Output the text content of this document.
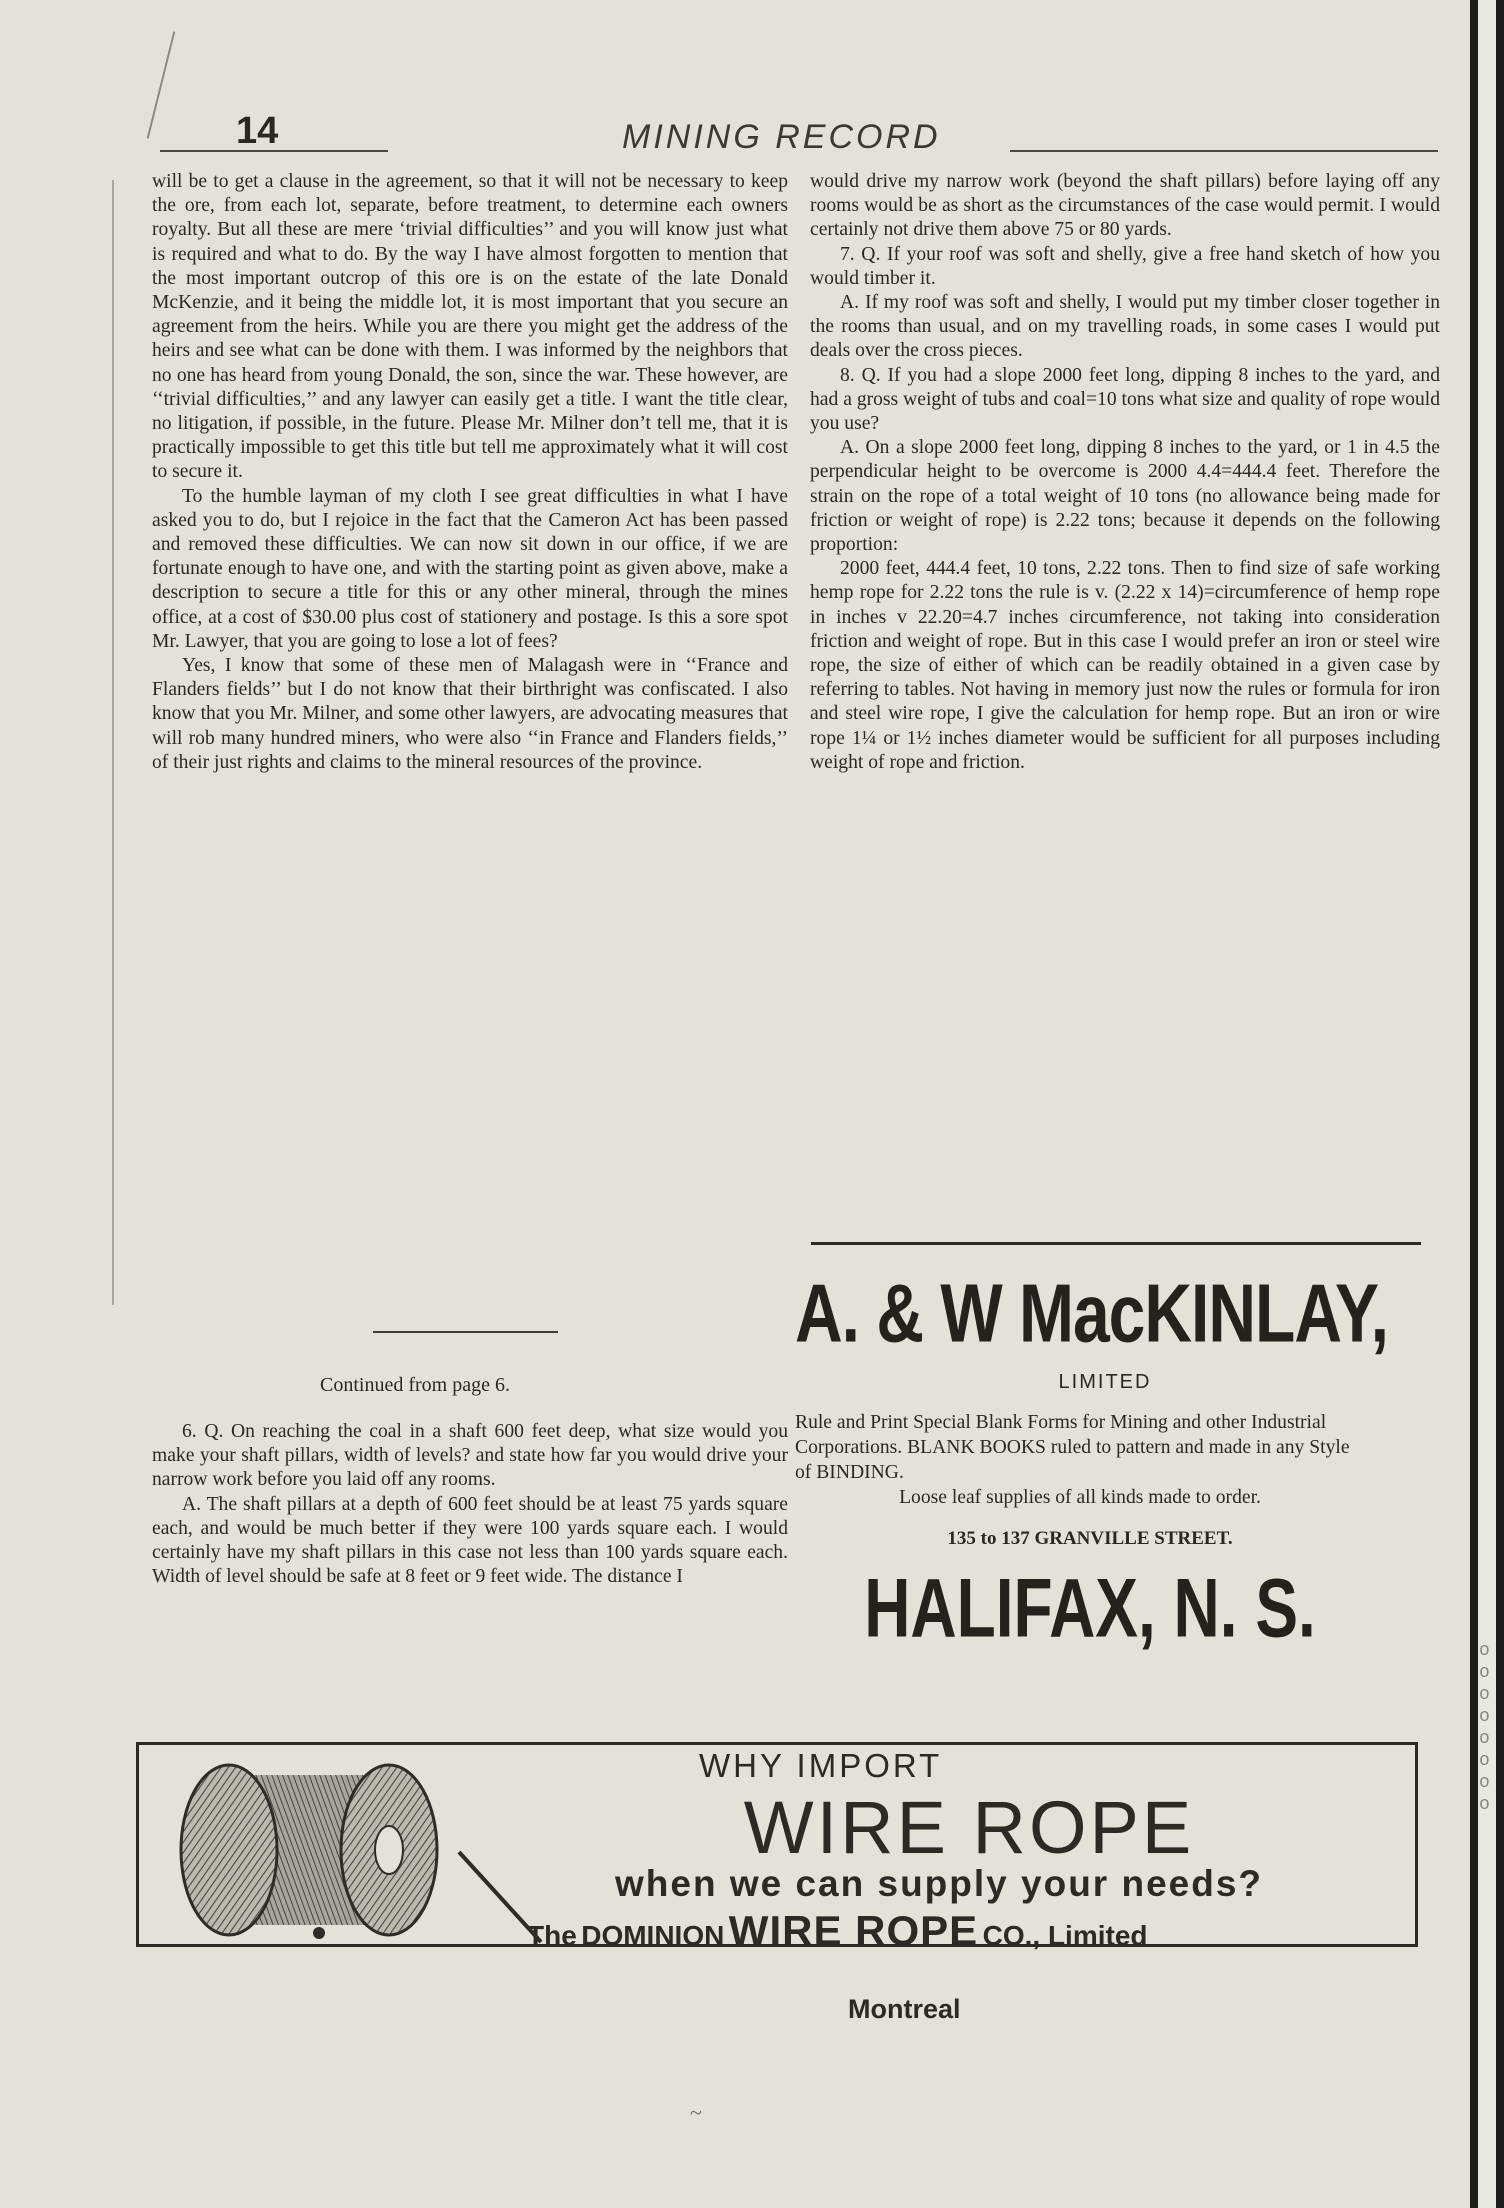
14	MINING RECORD

will be to get a clause in the agreement, so that it will not be necessary to keep the ore, from each lot, separate, before treatment, to determine each owners royalty. But all these are mere ‘trivial difficulties’’ and you will know just what is required and what to do. By the way I have almost forgotten to mention that the most important outcrop of this ore is on the estate of the late Donald McKenzie, and it being the middle lot, it is most important that you secure an agreement from the heirs. While you are there you might get the address of the heirs and see what can be done with them. I was informed by the neighbors that no one has heard from young Donald, the son, since the war. These however, are ‘‘trivial difficulties,’’ and any lawyer can easily get a title. I want the title clear, no litigation, if possible, in the future. Please Mr. Milner don’t tell me, that it is practically impossible to get this title but tell me approximately what it will cost to secure it.

To the humble layman of my cloth I see great difficulties in what I have asked you to do, but I rejoice in the fact that the Cameron Act has been passed and removed these difficulties. We can now sit down in our office, if we are fortunate enough to have one, and with the starting point as given above, make a description to secure a title for this or any other mineral, through the mines office, at a cost of $30.00 plus cost of stationery and postage. Is this a sore spot Mr. Lawyer, that you are going to lose a lot of fees?

Yes, I know that some of these men of Malagash were in ‘‘France and Flanders fields’’ but I do not know that their birthright was confiscated. I also know that you Mr. Milner, and some other lawyers, are advocating measures that will rob many hundred miners, who were also ‘‘in France and Flanders fields,’’ of their just rights and claims to the mineral resources of the province.

Continued from page 6.

6. Q. On reaching the coal in a shaft 600 feet deep, what size would you make your shaft pillars, width of levels? and state how far you would drive your narrow work before you laid off any rooms.

A. The shaft pillars at a depth of 600 feet should be at least 75 yards square each, and would be much better if they were 100 yards square each. I would certainly have my shaft pillars in this case not less than 100 yards square each. Width of level should be safe at 8 feet or 9 feet wide. The distance I

would drive my narrow work (beyond the shaft pillars) before laying off any rooms would be as short as the circumstances of the case would permit. I would certainly not drive them above 75 or 80 yards.

7. Q. If your roof was soft and shelly, give a free hand sketch of how you would timber it.

A. If my roof was soft and shelly, I would put my timber closer together in the rooms than usual, and on my travelling roads, in some cases I would put deals over the cross pieces.

8. Q. If you had a slope 2000 feet long, dipping 8 inches to the yard, and had a gross weight of tubs and coal=10 tons what size and quality of rope would you use?

A. On a slope 2000 feet long, dipping 8 inches to the yard, or 1 in 4.5 the perpendicular height to be overcome is 2000 4.4=444.4 feet. Therefore the strain on the rope of a total weight of 10 tons (no allowance being made for friction or weight of rope) is 2.22 tons; because it depends on the following proportion:

2000 feet, 444.4 feet, 10 tons, 2.22 tons. Then to find size of safe working hemp rope for 2.22 tons the rule is v. (2.22 x 14)=circumference of hemp rope in inches v 22.20=4.7 inches circumference, not taking into consideration friction and weight of rope. But in this case I would prefer an iron or steel wire rope, the size of either of which can be readily obtained in a given case by referring to tables. Not having in memory just now the rules or formula for iron and steel wire rope, I give the calculation for hemp rope. But an iron or wire rope 1¼ or 1½ inches diameter would be sufficient for all purposes including weight of rope and friction.

A. & W MacKINLAY,
LIMITED
Rule and Print Special Blank Forms for Mining and other Industrial Corporations. BLANK BOOKS ruled to pattern and made in any Style of BINDING.
Loose leaf supplies of all kinds made to order.
135 to 137 GRANVILLE STREET.
HALIFAX, N. S.
WHY IMPORT
WIRE ROPE
when we can supply your needs?
The DOMINION WIRE ROPE CO., Limited
Montreal
~
o
o
o
o
o
o
o
o
